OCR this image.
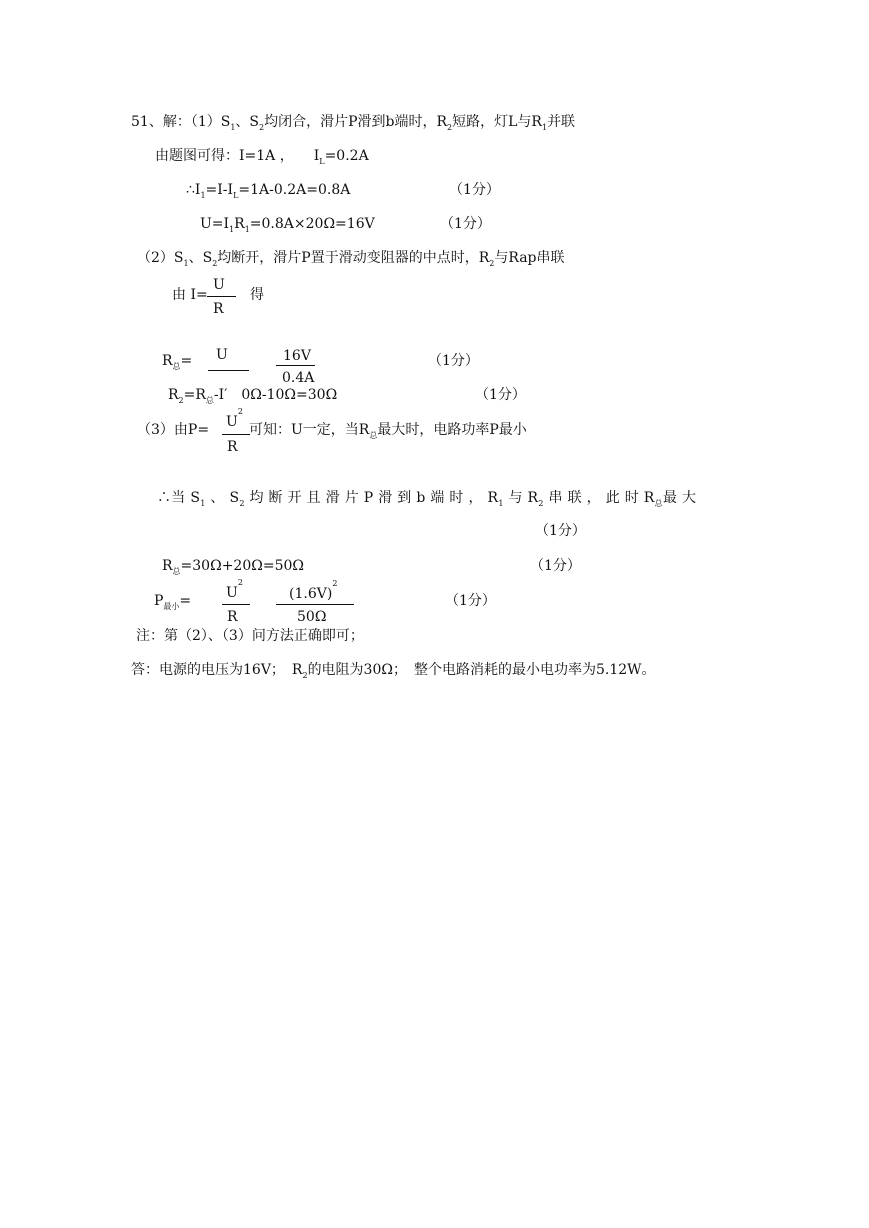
51、解：$(1)S_1$、$S_2$均闭合，滑片P滑到b端时，$R_2$短路，灯L与$R_1$并联
由题图可得：I=1A ， $I_L=0.2A$
$\therefore I_1=I-I_L=1A-0.2A=0.8A$	（1分）
$U=I_1R_1=0.8A\times 20\Omega=16V$	（1分）
$(2)S_1$、$S_2$均断开，滑片P置于滑动变阻器的中点时，$R_2$与Rap串联
由 I=
U
R
得
$R_总= U$	16V
0.4A
（1分）
$R_2=R_总-I'$ 0Ω-10Ω=30Ω	（1分）
（3）由$P= U^2$
R
可知：U一定，当$R_总$最大时，电路功率P最小
∴当 $S_1$ 、 $S_2$ 均 断 开 且 滑 片 P 滑 到 b 端 时 ， $R_1$ 与 $R_2$ 串 联 ， 此 时 $R_总$最 大
（1分）
$R_总=30\Omega+20\Omega=50\Omega$	（1分）
$P_{最小}= U^2$
R
$(1.6V)^2$
50Ω
（1分）
注：第（2）、（3）问方法正确即可；
答：电源的电压为16V；　$R_2$的电阻为30Ω；　整个电路消耗的最小电功率为5.12W。
